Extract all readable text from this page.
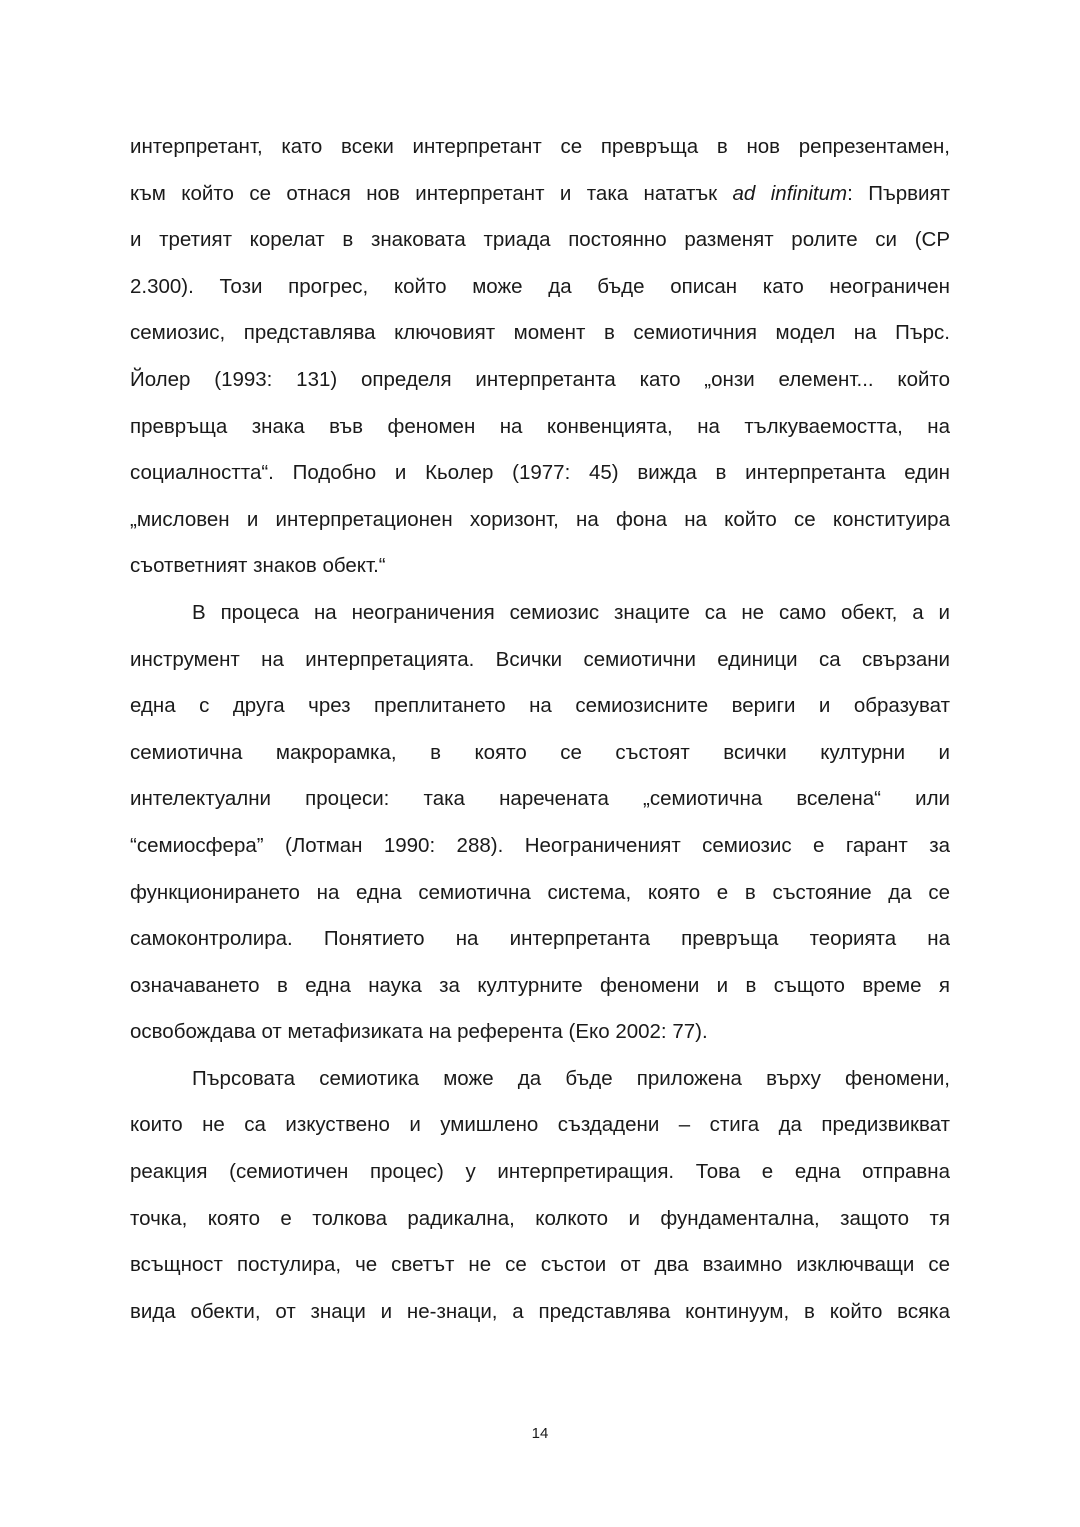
интерпретант, като всеки интерпретант се превръща в нов репрезентамен,
към който се отнася нов интерпретант и така нататък ad infinitum: Първият
и третият корелат в знаковата триада постоянно разменят ролите си (CP
2.300). Този прогрес, който може да бъде описан като неограничен
семиозис, представлява ключовият момент в семиотичния модел на Пърс.
Йолер (1993: 131) определя интерпретанта като „онзи елемент... който
превръща знака във феномен на конвенцията, на тълкуваемостта, на
социалността“. Подобно и Кьолер (1977: 45) вижда в интерпретанта един
„мисловен и интерпретационен хоризонт, на фона на който се конституира
съответният знаков обект.“
В процеса на неограничения семиозис знаците са не само обект, а и
инструмент на интерпретацията. Всички семиотични единици са свързани
една с друга чрез преплитането на семиозисните вериги и образуват
семиотична макрорамка, в която се състоят всички културни и
интелектуални процеси: така наречената „семиотична вселена“ или
“семиосфера” (Лотман 1990: 288). Неограниченият семиозис е гарант за
функционирането на една семиотична система, която е в състояние да се
самоконтролира. Понятието на интерпретанта превръща теорията на
означаването в една наука за културните феномени и в същото време я
освобождава от метафизиката на референта (Еко 2002: 77).
Пърсовата семиотика може да бъде приложена върху феномени,
които не са изкуствено и умишлено създадени – стига да предизвикват
реакция (семиотичен процес) у интерпретиращия. Това е една отправна
точка, която е толкова радикална, колкото и фундаментална, защото тя
всъщност постулира, че светът не се състои от два взаимно изключващи се
вида обекти, от знаци и не-знаци, а представлява континуум, в който всяка
14
